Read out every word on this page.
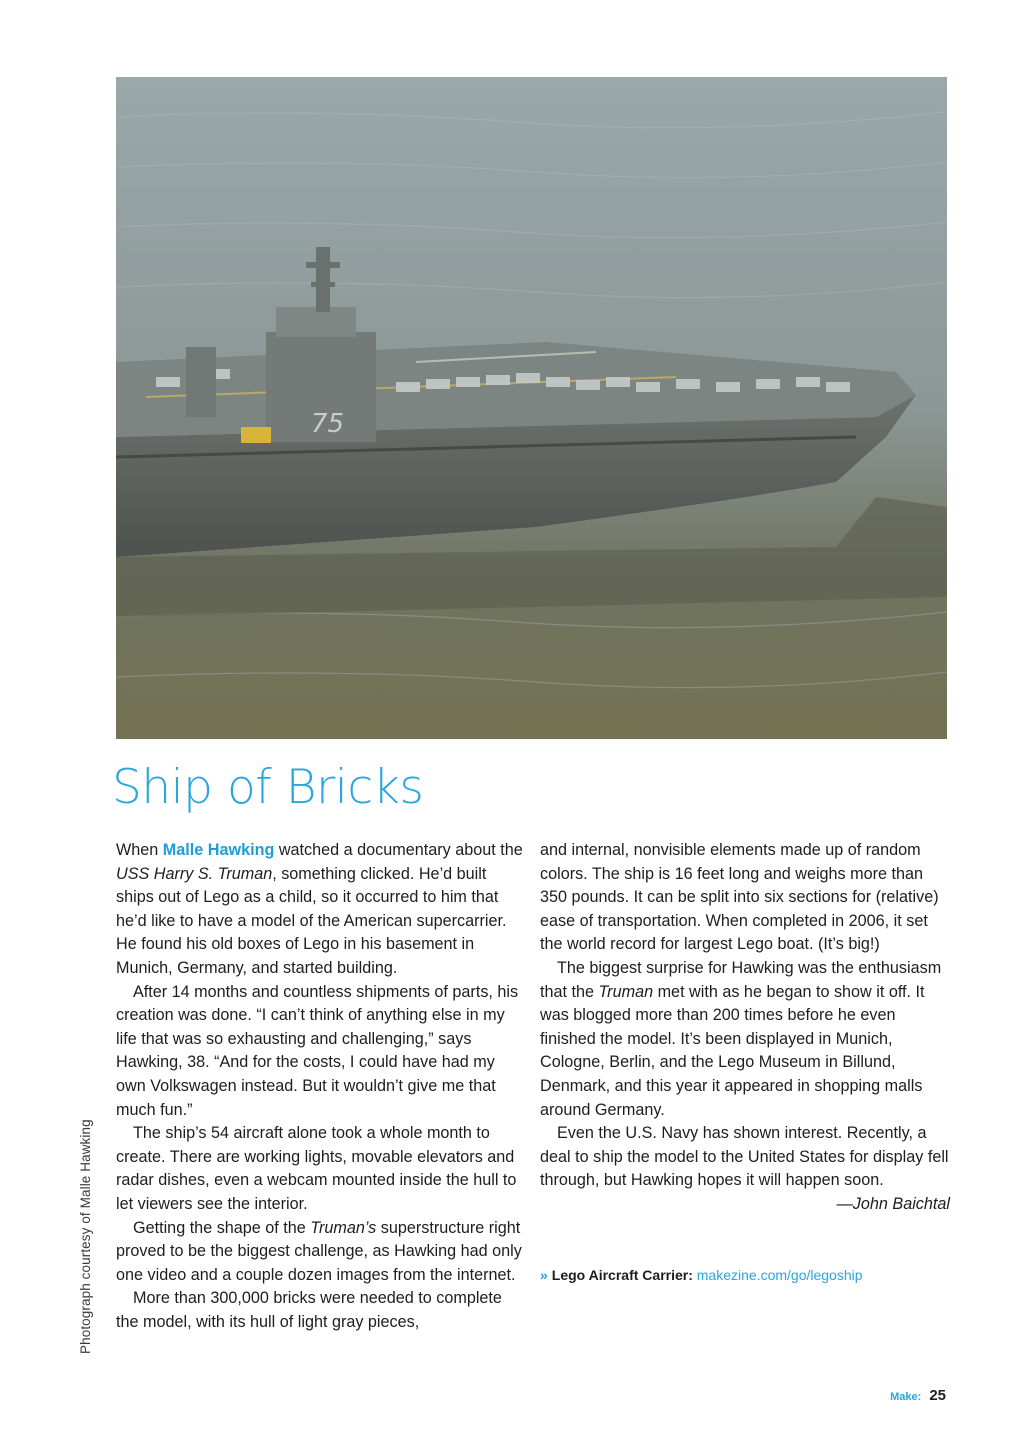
75
Photograph courtesy of Malle Hawking
Ship of Bricks

When Malle Hawking watched a documentary about the USS Harry S. Truman, something clicked. He’d built ships out of Lego as a child, so it occurred to him that he’d like to have a model of the American supercarrier. He found his old boxes of Lego in his basement in Munich, Germany, and started building.

After 14 months and countless shipments of parts, his creation was done. “I can’t think of anything else in my life that was so exhausting and challenging,” says Hawking, 38. “And for the costs, I could have had my own Volkswagen instead. But it wouldn’t give me that much fun.”

The ship’s 54 aircraft alone took a whole month to create. There are working lights, movable elevators and radar dishes, even a webcam mounted inside the hull to let viewers see the interior.

Getting the shape of the Truman’s superstructure right proved to be the biggest challenge, as Hawking had only one video and a couple dozen images from the internet.

More than 300,000 bricks were needed to complete the model, with its hull of light gray pieces,

and internal, nonvisible elements made up of random colors. The ship is 16 feet long and weighs more than 350 pounds. It can be split into six sections for (relative) ease of transportation. When completed in 2006, it set the world record for largest Lego boat. (It’s big!)

The biggest surprise for Hawking was the enthusiasm that the Truman met with as he began to show it off. It was blogged more than 200 times before he even finished the model. It’s been displayed in Munich, Cologne, Berlin, and the Lego Museum in Billund, Denmark, and this year it appeared in shopping malls around Germany.

Even the U.S. Navy has shown interest. Recently, a deal to ship the model to the United States for display fell through, but Hawking hopes it will happen soon.
—John Baichtal

» Lego Aircraft Carrier: makezine.com/go/legoship
Make: 25
